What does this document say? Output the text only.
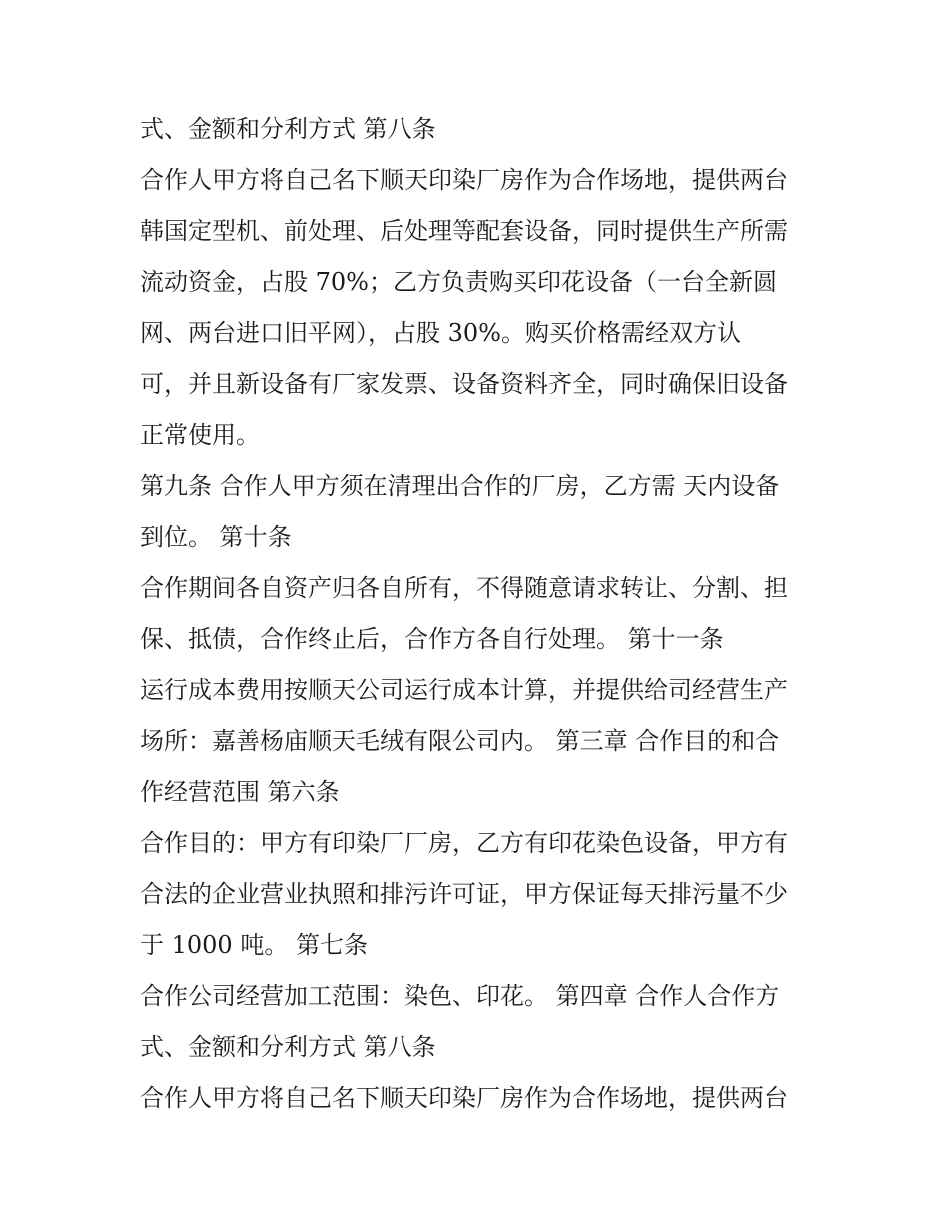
式、金额和分利方式 第八条
合作人甲方将自己名下顺天印染厂房作为合作场地，提供两台
韩国定型机、前处理、后处理等配套设备，同时提供生产所需
流动资金，占股 70%；乙方负责购买印花设备（一台全新圆
网、两台进口旧平网），占股 30%。购买价格需经双方认
可，并且新设备有厂家发票、设备资料齐全，同时确保旧设备
正常使用。
第九条 合作人甲方须在清理出合作的厂房，乙方需 天内设备
到位。 第十条
合作期间各自资产归各自所有，不得随意请求转让、分割、担
保、抵债，合作终止后，合作方各自行处理。 第十一条
运行成本费用按顺天公司运行成本计算，并提供给司经营生产
场所：嘉善杨庙顺天毛绒有限公司内。 第三章 合作目的和合
作经营范围 第六条
合作目的：甲方有印染厂厂房，乙方有印花染色设备，甲方有
合法的企业营业执照和排污许可证，甲方保证每天排污量不少
于 1000 吨。 第七条
合作公司经营加工范围：染色、印花。 第四章 合作人合作方
式、金额和分利方式 第八条
合作人甲方将自己名下顺天印染厂房作为合作场地，提供两台
